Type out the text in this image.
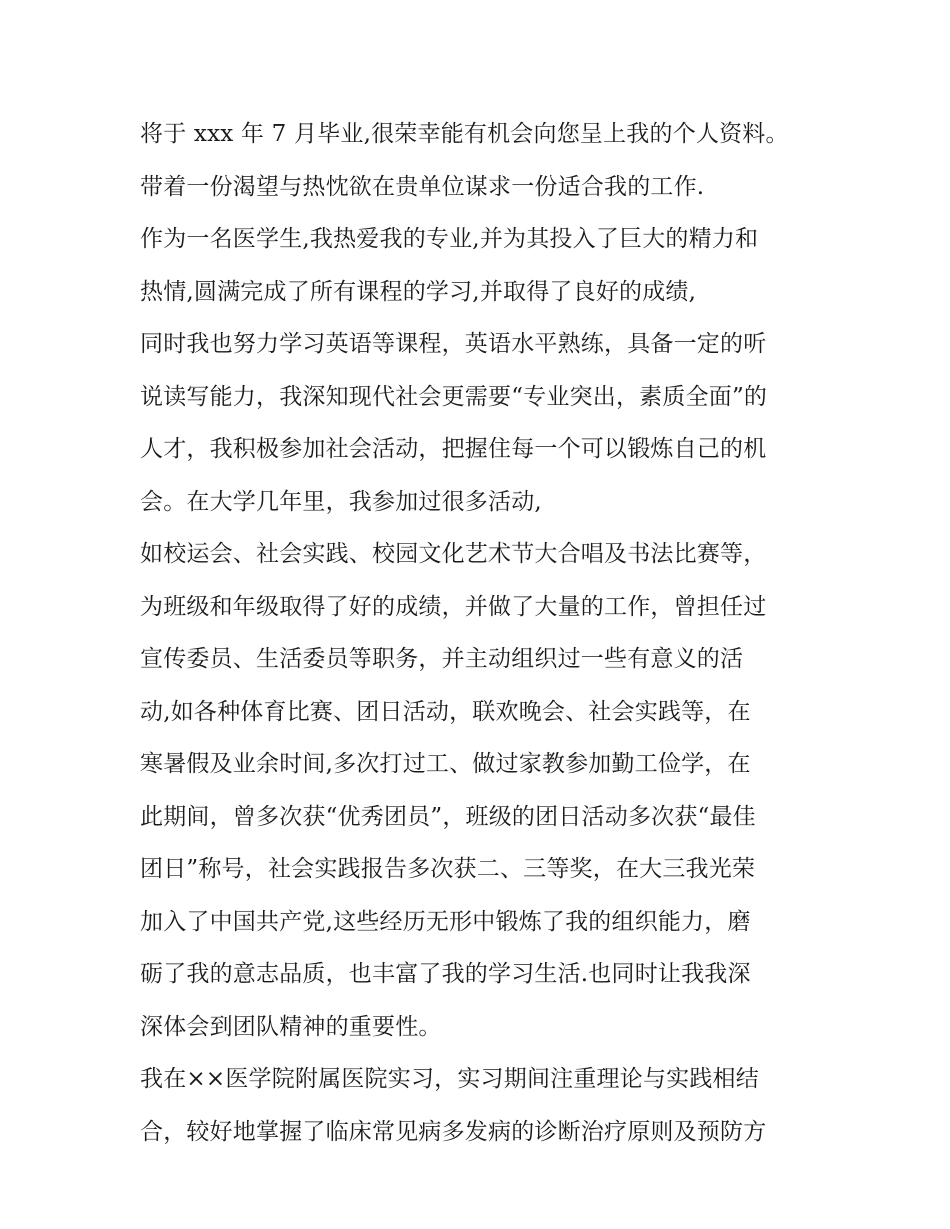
将于 xxx 年 7 月毕业,很荣幸能有机会向您呈上我的个人资料。
带着一份渴望与热忱欲在贵单位谋求一份适合我的工作.
作为一名医学生,我热爱我的专业,并为其投入了巨大的精力和
热情,圆满完成了所有课程的学习,并取得了良好的成绩,
同时我也努力学习英语等课程，英语水平熟练，具备一定的听
说读写能力，我深知现代社会更需要“专业突出，素质全面”的
人才，我积极参加社会活动，把握住每一个可以锻炼自己的机
会。在大学几年里，我参加过很多活动,
如校运会、社会实践、校园文化艺术节大合唱及书法比赛等，
为班级和年级取得了好的成绩，并做了大量的工作，曾担任过
宣传委员、生活委员等职务，并主动组织过一些有意义的活
动,如各种体育比赛、团日活动，联欢晚会、社会实践等，在
寒暑假及业余时间,多次打过工、做过家教参加勤工俭学，在
此期间，曾多次获“优秀团员”，班级的团日活动多次获“最佳
团日”称号，社会实践报告多次获二、三等奖，在大三我光荣
加入了中国共产党,这些经历无形中锻炼了我的组织能力，磨
砺了我的意志品质，也丰富了我的学习生活.也同时让我我深
深体会到团队精神的重要性。
我在××医学院附属医院实习，实习期间注重理论与实践相结
合，较好地掌握了临床常见病多发病的诊断治疗原则及预防方
